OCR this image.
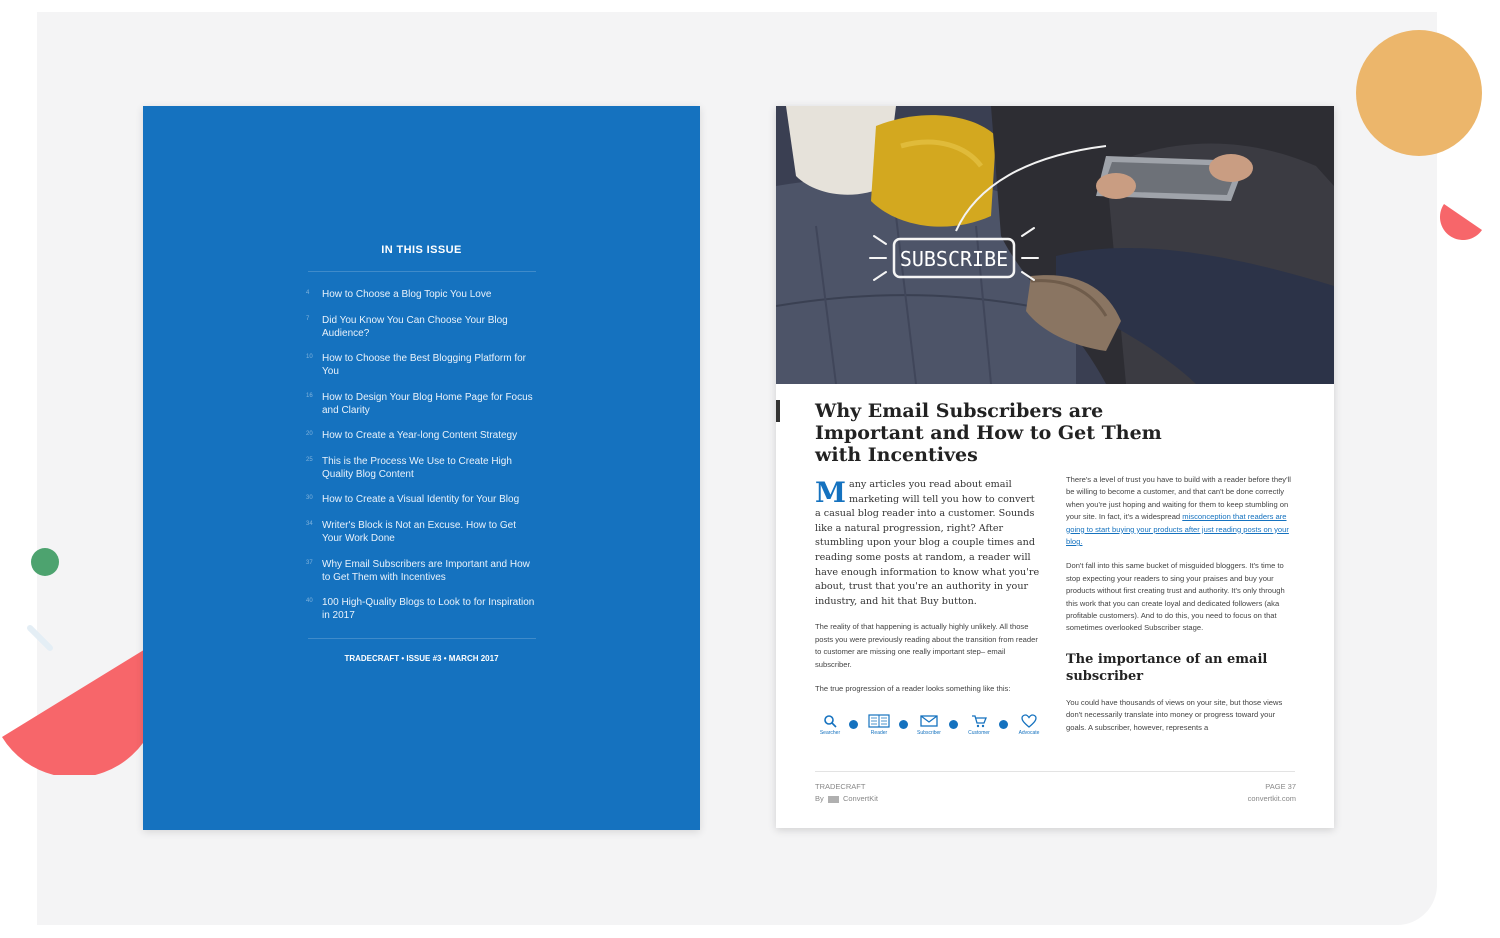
IN THIS ISSUE
4	How to Choose a Blog Topic You Love
7	Did You Know You Can Choose Your Blog Audience?
10 How to Choose the Best Blogging Platform for You
16 How to Design Your Blog Home Page for Focus and Clarity
20 How to Create a Year-long Content Strategy
25 This is the Process We Use to Create High Quality Blog Content
30 How to Create a Visual Identity for Your Blog
34 Writer's Block is Not an Excuse. How to Get Your Work Done
37 Why Email Subscribers are Important and How to Get Them with Incentives
40 100 High-Quality Blogs to Look to for Inspiration in 2017
TRADECRAFT • ISSUE #3 • MARCH 2017
SUBSCRIBE
Why Email Subscribers are Important and How to Get Them with Incentives

Many articles you read about email marketing will tell you how to convert a casual blog reader into a customer. Sounds like a natural progression, right? After stumbling upon your blog a couple times and reading some posts at random, a reader will have enough information to know what you're about, trust that you're an authority in your industry, and hit that Buy button.

The reality of that happening is actually highly unlikely. All those posts you were previously reading about the transition from reader to customer are missing one really important step– email subscriber.

The true progression of a reader looks something like this:

Searcher	Reader	Subscriber	Customer	Advocate

There's a level of trust you have to build with a reader before they'll be willing to become a customer, and that can't be done correctly when you're just hoping and waiting for them to keep stumbling on your site. In fact, it's a widespread misconception that readers are going to start buying your products after just reading posts on your blog.

Don't fall into this same bucket of misguided bloggers. It's time to stop expecting your readers to sing your praises and buy your products without first creating trust and authority. It's only through this work that you can create loyal and dedicated followers (aka profitable customers). And to do this, you need to focus on that sometimes overlooked Subscriber stage.

The importance of an email subscriber

You could have thousands of views on your site, but those views don't necessarily translate into money or progress toward your goals. A subscriber, however, represents a

TRADECRAFT
By	ConvertKit
PAGE 37
convertkit.com
